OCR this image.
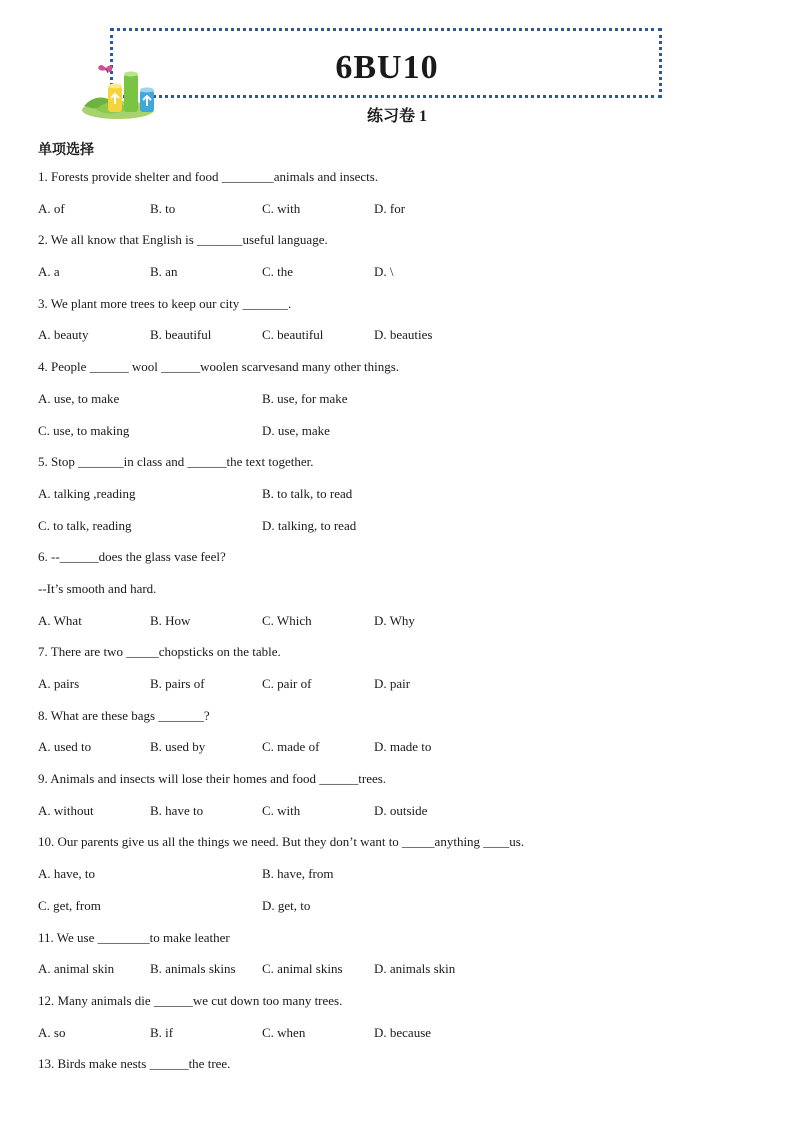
6BU10
练习卷 1
单项选择
1. Forests provide shelter and food ________animals and insects.
A. of	B. to	C. with	D. for
2. We all know that English is _______useful language.
A. a	B. an	C. the	D. \
3. We plant more trees to keep our city _______.
A. beauty	B. beautiful	C. beautiful	D. beauties
4. People ______ wool ______woolen scarvesand many other things.
A. use, to make	B. use, for make
C. use, to making	D. use, make
5. Stop _______in class and ______the text together.
A. talking ,reading	B. to talk, to read
C. to talk, reading	D. talking, to read
6. --______does the glass vase feel?
--It’s smooth and hard.
A. What	B. How	C. Which	D. Why
7. There are two _____chopsticks on the table.
A. pairs	B. pairs of	C. pair of	D. pair
8. What are these bags _______?
A. used to	B. used by	C. made of	D. made to
9. Animals and insects will lose their homes and food ______trees.
A. without	B. have to	C. with	D. outside
10. Our parents give us all the things we need. But they don’t want to _____anything ____us.
A. have, to	B. have, from
C. get, from	D. get, to
11. We use ________to make leather
A. animal skin	B. animals skins	C. animal skins	D. animals skin
12. Many animals die ______we cut down too many trees.
A. so	B. if	C. when	D. because
13. Birds make nests ______the tree.
